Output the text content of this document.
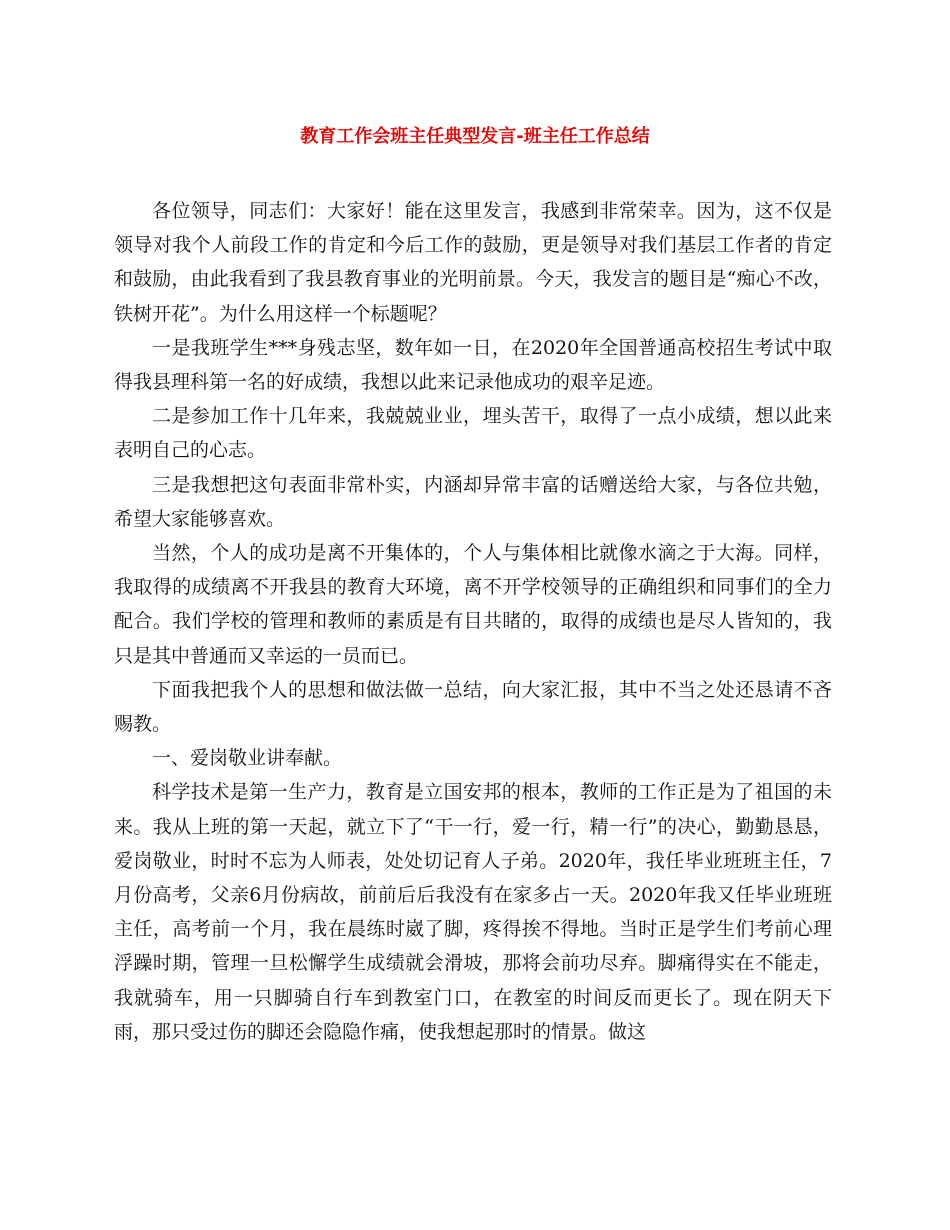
教育工作会班主任典型发言-班主任工作总结

各位领导，同志们：大家好！能在这里发言，我感到非常荣幸。因为，这不仅是领导对我个人前段工作的肯定和今后工作的鼓励，更是领导对我们基层工作者的肯定和鼓励，由此我看到了我县教育事业的光明前景。今天，我发言的题目是“痴心不改，铁树开花”。为什么用这样一个标题呢？

一是我班学生***身残志坚，数年如一日，在2020年全国普通高校招生考试中取得我县理科第一名的好成绩，我想以此来记录他成功的艰辛足迹。

二是参加工作十几年来，我兢兢业业，埋头苦干，取得了一点小成绩，想以此来表明自己的心志。

三是我想把这句表面非常朴实，内涵却异常丰富的话赠送给大家，与各位共勉，希望大家能够喜欢。

当然，个人的成功是离不开集体的，个人与集体相比就像水滴之于大海。同样，我取得的成绩离不开我县的教育大环境，离不开学校领导的正确组织和同事们的全力配合。我们学校的管理和教师的素质是有目共睹的，取得的成绩也是尽人皆知的，我只是其中普通而又幸运的一员而已。

下面我把我个人的思想和做法做一总结，向大家汇报，其中不当之处还恳请不吝赐教。

一、爱岗敬业讲奉献。

科学技术是第一生产力，教育是立国安邦的根本，教师的工作正是为了祖国的未来。我从上班的第一天起，就立下了“干一行，爱一行，精一行”的决心，勤勤恳恳，爱岗敬业，时时不忘为人师表，处处切记育人子弟。2020年，我任毕业班班主任，7月份高考，父亲6月份病故，前前后后我没有在家多占一天。2020年我又任毕业班班主任，高考前一个月，我在晨练时崴了脚，疼得挨不得地。当时正是学生们考前心理浮躁时期，管理一旦松懈学生成绩就会滑坡，那将会前功尽弃。脚痛得实在不能走，我就骑车，用一只脚骑自行车到教室门口，在教室的时间反而更长了。现在阴天下雨，那只受过伤的脚还会隐隐作痛，使我想起那时的情景。做这
